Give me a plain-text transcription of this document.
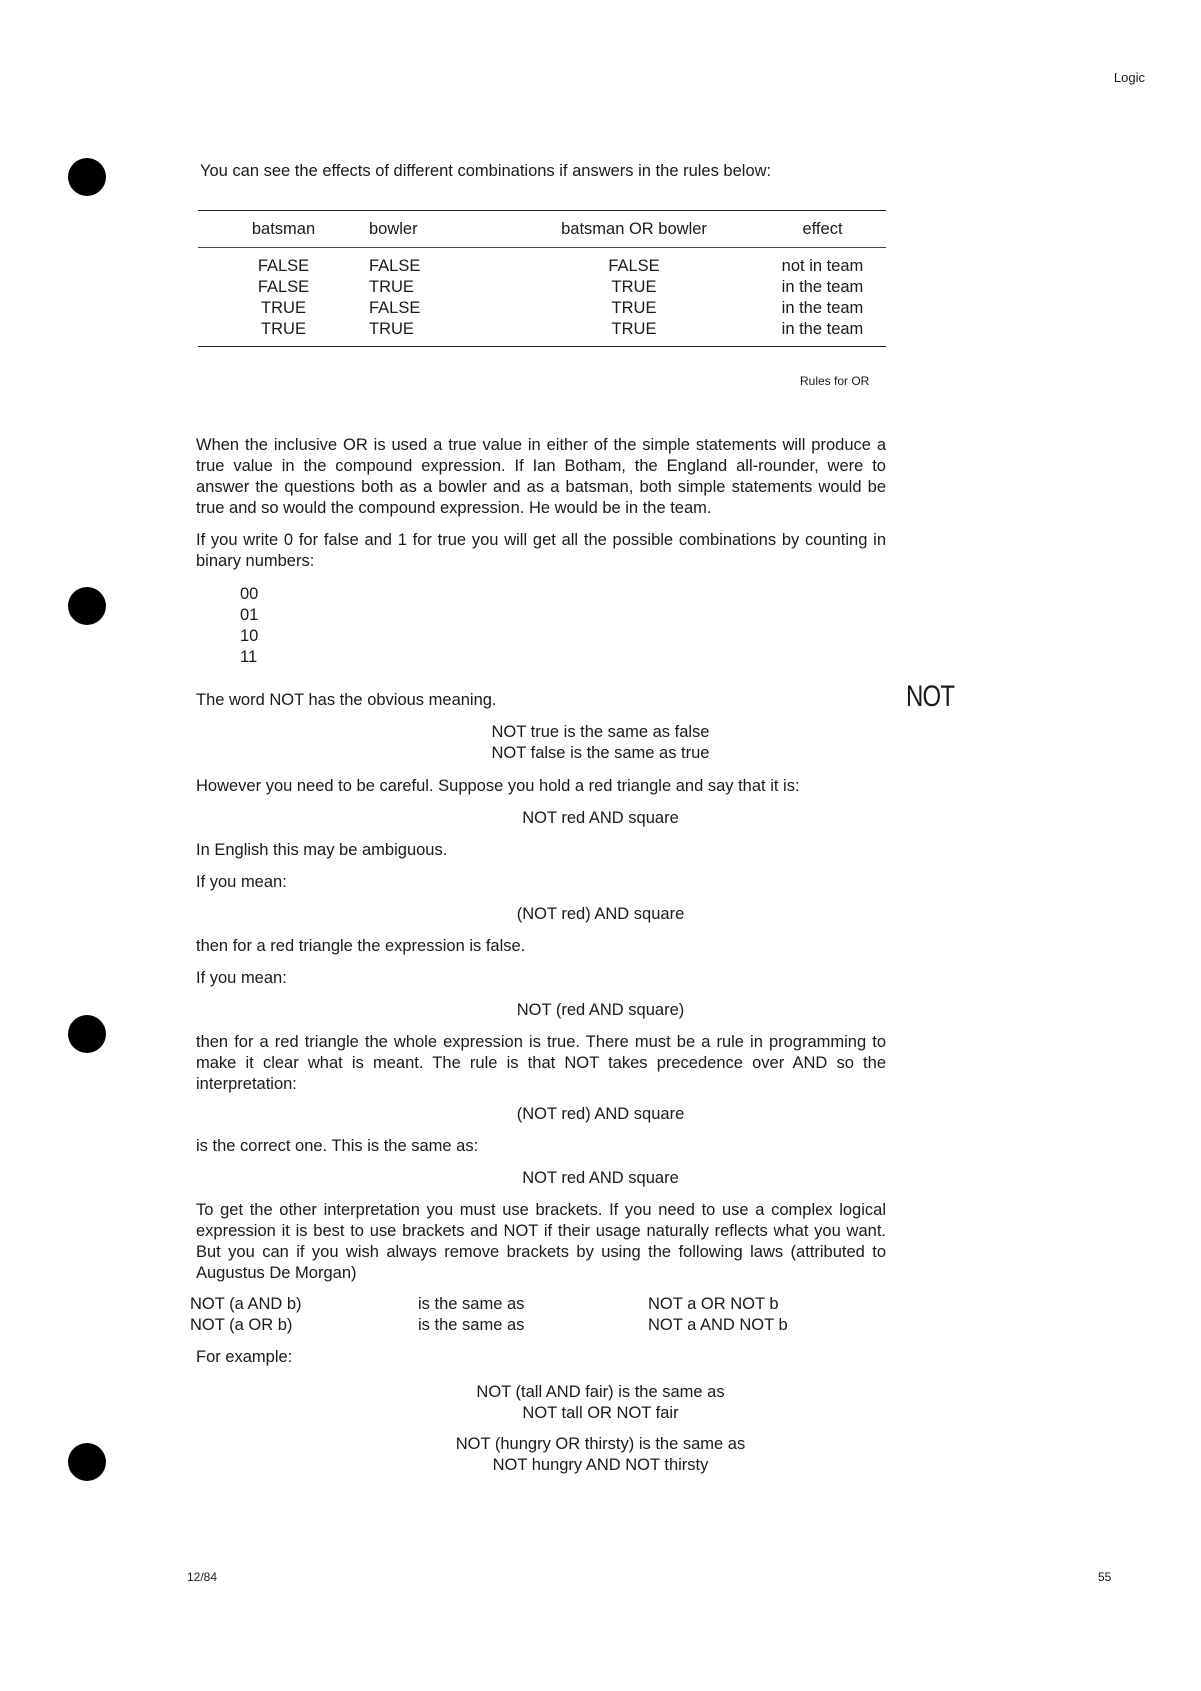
Logic
You can see the effects of different combinations if answers in the rules below:
batsman	bowler	batsman OR bowler	effect
FALSE	FALSE	FALSE	not in team
FALSE	TRUE	TRUE	in the team
TRUE	FALSE	TRUE	in the team
TRUE	TRUE	TRUE	in the team
Rules for OR
When the inclusive OR is used a true value in either of the simple statements will produce a true value in the compound expression. If Ian Botham, the England all-rounder, were to answer the questions both as a bowler and as a batsman, both simple statements would be true and so would the compound expression. He would be in the team.
If you write 0 for false and 1 for true you will get all the possible combinations by counting in binary numbers:
00
01
10
11
NOT
The word NOT has the obvious meaning.
NOT true is the same as false
NOT false is the same as true
However you need to be careful. Suppose you hold a red triangle and say that it is:
NOT red AND square
In English this may be ambiguous.
If you mean:
(NOT red) AND square
then for a red triangle the expression is false.
If you mean:
NOT (red AND square)
then for a red triangle the whole expression is true. There must be a rule in programming to make it clear what is meant. The rule is that NOT takes precedence over AND so the interpretation:
(NOT red) AND square
is the correct one. This is the same as:
NOT red AND square
To get the other interpretation you must use brackets. If you need to use a complex logical expression it is best to use brackets and NOT if their usage naturally reflects what you want. But you can if you wish always remove brackets by using the following laws (attributed to Augustus De Morgan)
NOT (a AND b)	is the same as	NOT a OR NOT b
NOT (a OR b)	is the same as	NOT a AND NOT b
For example:
NOT (tall AND fair) is the same as
NOT tall OR NOT fair
NOT (hungry OR thirsty) is the same as
NOT hungry AND NOT thirsty
12/84	55
